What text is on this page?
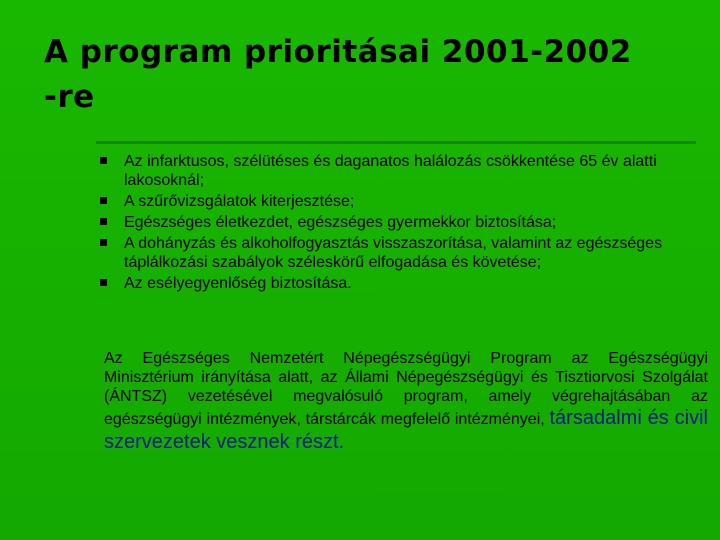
A program prioritásai 2001-2002
-re
Az infarktusos, szélütéses és daganatos halálozás csökkentése 65 év alatti lakosoknál;
A szűrővizsgálatok kiterjesztése;
Egészséges életkezdet, egészséges gyermekkor biztosítása;
A dohányzás és alkoholfogyasztás visszaszorítása, valamint az egészséges táplálkozási szabályok széleskörű elfogadása és követése;
Az esélyegyenlőség biztosítása.
Az Egészséges Nemzetért Népegészségügyi Program az Egészségügyi Minisztérium irányítása alatt, az Állami Népegészségügyi és Tisztiorvosi Szolgálat (ÁNTSZ) vezetésével megvalósuló program, amely végrehajtásában az egészségügyi intézmények, társtárcák megfelelő intézményei, társadalmi és civil szervezetek vesznek részt.
